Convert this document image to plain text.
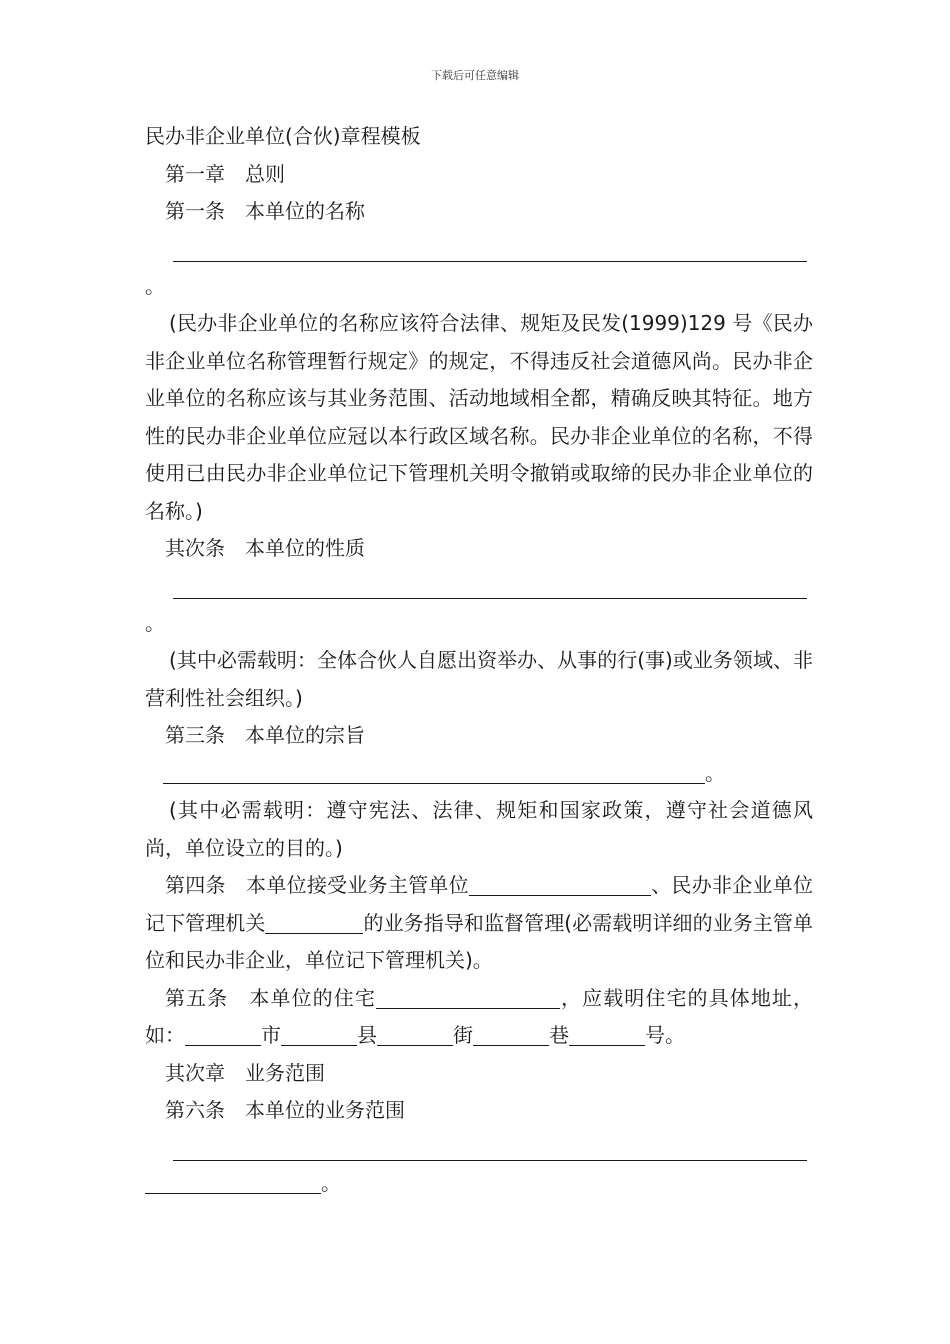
下载后可任意编辑
民办非企业单位(合伙)章程模板
第一章 总则
第一条 本单位的名称
。
(民办非企业单位的名称应该符合法律、规矩及民发(1999)129 号《民办非企业单位名称管理暂行规定》的规定，不得违反社会道德风尚。民办非企业单位的名称应该与其业务范围、活动地域相全都，精确反映其特征。地方性的民办非企业单位应冠以本行政区域名称。民办非企业单位的名称，不得使用已由民办非企业单位记下管理机关明令撤销或取缔的民办非企业单位的名称。)
其次条 本单位的性质
。
(其中必需载明：全体合伙人自愿出资举办、从事的行(事)或业务领域、非营利性社会组织。)
第三条 本单位的宗旨
。
(其中必需载明：遵守宪法、法律、规矩和国家政策，遵守社会道德风尚，单位设立的目的。)
第四条 本单位接受业务主管单位	、民办非企业单位记下管理机关	的业务指导和监督管理(必需载明详细的业务主管单位和民办非企业，单位记下管理机关)。
第五条 本单位的住宅	，应载明住宅的具体地址，如：	市	县	街	巷	号。
其次章 业务范围
第六条 本单位的业务范围
。
